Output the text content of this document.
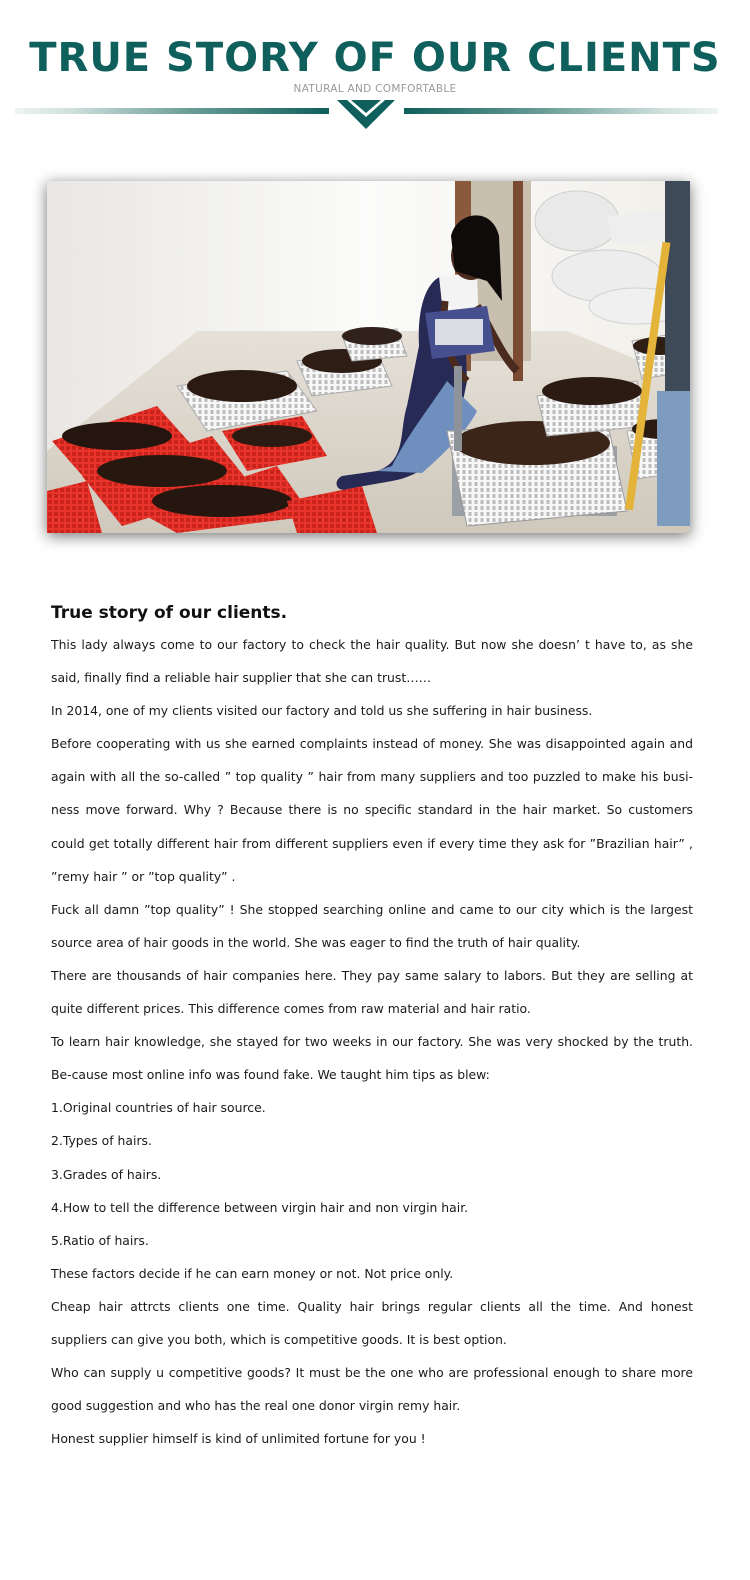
TRUE STORY OF OUR CLIENTS
NATURAL AND COMFORTABLE
True story of our clients.

This lady always come to our factory to check the hair quality. But now she doesn’ t have to, as she said, finally find a reliable hair supplier that she can trust……

In 2014, one of my clients visited our factory and told us she suffering in hair business.

Before cooperating with us she earned complaints instead of money. She was disappointed again and again with all the so-called ” top quality ” hair from many suppliers and too puzzled to make his busi-ness move forward. Why ? Because there is no specific standard in the hair market. So customers could get totally different hair from different suppliers even if every time they ask for ”Brazilian hair” , ”remy hair ” or ”top quality” .

Fuck all damn ”top quality” ! She stopped searching online and came to our city which is the largest source area of hair goods in the world. She was eager to find the truth of hair quality.

There are thousands of hair companies here. They pay same salary to labors. But they are selling at quite different prices. This difference comes from raw material and hair ratio.

To learn hair knowledge, she stayed for two weeks in our factory. She was very shocked by the truth. Be-cause most online info was found fake. We taught him tips as blew:

1.Original countries of hair source.

2.Types of hairs.

3.Grades of hairs.

4.How to tell the difference between virgin hair and non virgin hair.

5.Ratio of hairs.

These factors decide if he can earn money or not. Not price only.

Cheap hair attrcts clients one time. Quality hair brings regular clients all the time. And honest suppliers can give you both, which is competitive goods. It is best option.

Who can supply u competitive goods? It must be the one who are professional enough to share more good suggestion and who has the real one donor virgin remy hair.

Honest supplier himself is kind of unlimited fortune for you !
